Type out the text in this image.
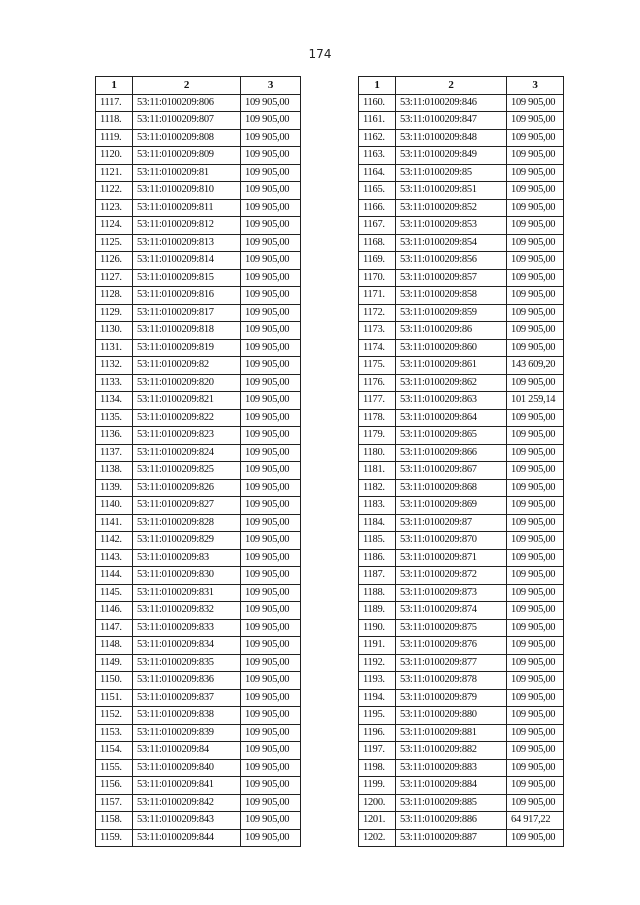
174
1	2	3
1117.	53:11:0100209:806	109 905,00
1118.	53:11:0100209:807	109 905,00
1119.	53:11:0100209:808	109 905,00
1120.	53:11:0100209:809	109 905,00
1121.	53:11:0100209:81	109 905,00
1122.	53:11:0100209:810	109 905,00
1123.	53:11:0100209:811	109 905,00
1124.	53:11:0100209:812	109 905,00
1125.	53:11:0100209:813	109 905,00
1126.	53:11:0100209:814	109 905,00
1127.	53:11:0100209:815	109 905,00
1128.	53:11:0100209:816	109 905,00
1129.	53:11:0100209:817	109 905,00
1130.	53:11:0100209:818	109 905,00
1131.	53:11:0100209:819	109 905,00
1132.	53:11:0100209:82	109 905,00
1133.	53:11:0100209:820	109 905,00
1134.	53:11:0100209:821	109 905,00
1135.	53:11:0100209:822	109 905,00
1136.	53:11:0100209:823	109 905,00
1137.	53:11:0100209:824	109 905,00
1138.	53:11:0100209:825	109 905,00
1139.	53:11:0100209:826	109 905,00
1140.	53:11:0100209:827	109 905,00
1141.	53:11:0100209:828	109 905,00
1142.	53:11:0100209:829	109 905,00
1143.	53:11:0100209:83	109 905,00
1144.	53:11:0100209:830	109 905,00
1145.	53:11:0100209:831	109 905,00
1146.	53:11:0100209:832	109 905,00
1147.	53:11:0100209:833	109 905,00
1148.	53:11:0100209:834	109 905,00
1149.	53:11:0100209:835	109 905,00
1150.	53:11:0100209:836	109 905,00
1151.	53:11:0100209:837	109 905,00
1152.	53:11:0100209:838	109 905,00
1153.	53:11:0100209:839	109 905,00
1154.	53:11:0100209:84	109 905,00
1155.	53:11:0100209:840	109 905,00
1156.	53:11:0100209:841	109 905,00
1157.	53:11:0100209:842	109 905,00
1158.	53:11:0100209:843	109 905,00
1159.	53:11:0100209:844	109 905,00
1	2	3
1160.	53:11:0100209:846	109 905,00
1161.	53:11:0100209:847	109 905,00
1162.	53:11:0100209:848	109 905,00
1163.	53:11:0100209:849	109 905,00
1164.	53:11:0100209:85	109 905,00
1165.	53:11:0100209:851	109 905,00
1166.	53:11:0100209:852	109 905,00
1167.	53:11:0100209:853	109 905,00
1168.	53:11:0100209:854	109 905,00
1169.	53:11:0100209:856	109 905,00
1170.	53:11:0100209:857	109 905,00
1171.	53:11:0100209:858	109 905,00
1172.	53:11:0100209:859	109 905,00
1173.	53:11:0100209:86	109 905,00
1174.	53:11:0100209:860	109 905,00
1175.	53:11:0100209:861	143 609,20
1176.	53:11:0100209:862	109 905,00
1177.	53:11:0100209:863	101 259,14
1178.	53:11:0100209:864	109 905,00
1179.	53:11:0100209:865	109 905,00
1180.	53:11:0100209:866	109 905,00
1181.	53:11:0100209:867	109 905,00
1182.	53:11:0100209:868	109 905,00
1183.	53:11:0100209:869	109 905,00
1184.	53:11:0100209:87	109 905,00
1185.	53:11:0100209:870	109 905,00
1186.	53:11:0100209:871	109 905,00
1187.	53:11:0100209:872	109 905,00
1188.	53:11:0100209:873	109 905,00
1189.	53:11:0100209:874	109 905,00
1190.	53:11:0100209:875	109 905,00
1191.	53:11:0100209:876	109 905,00
1192.	53:11:0100209:877	109 905,00
1193.	53:11:0100209:878	109 905,00
1194.	53:11:0100209:879	109 905,00
1195.	53:11:0100209:880	109 905,00
1196.	53:11:0100209:881	109 905,00
1197.	53:11:0100209:882	109 905,00
1198.	53:11:0100209:883	109 905,00
1199.	53:11:0100209:884	109 905,00
1200.	53:11:0100209:885	109 905,00
1201.	53:11:0100209:886	64 917,22
1202.	53:11:0100209:887	109 905,00
